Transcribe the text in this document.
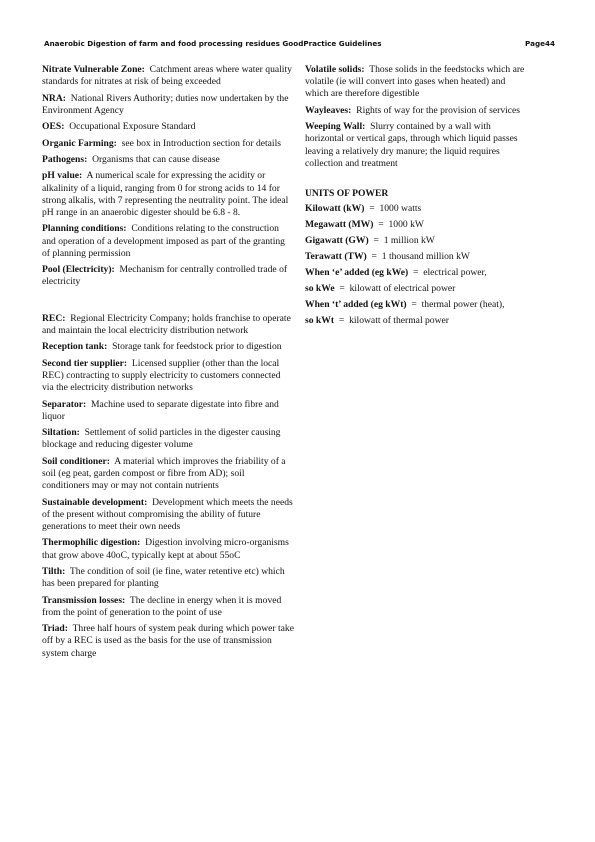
Anaerobic Digestion of farm and food processing residues GoodPractice Guidelines	Page44

Nitrate Vulnerable Zone: Catchment areas where water quality standards for nitrates at risk of being exceeded

NRA: National Rivers Authority; duties now undertaken by the Environment Agency

OES: Occupational Exposure Standard

Organic Farming: see box in Introduction section for details

Pathogens: Organisms that can cause disease

pH value: A numerical scale for expressing the acidity or alkalinity of a liquid, ranging from 0 for strong acids to 14 for strong alkalis, with 7 representing the neutrality point. The ideal pH range in an anaerobic digester should be 6.8 - 8.

Planning conditions: Conditions relating to the construction and operation of a development imposed as part of the granting of planning permission

Pool (Electricity): Mechanism for centrally controlled trade of electricity

REC: Regional Electricity Company; holds franchise to operate and maintain the local electricity distribution network

Reception tank: Storage tank for feedstock prior to digestion

Second tier supplier: Licensed supplier (other than the local REC) contracting to supply electricity to customers connected via the electricity distribution networks

Separator: Machine used to separate digestate into fibre and liquor

Siltation: Settlement of solid particles in the digester causing blockage and reducing digester volume

Soil conditioner: A material which improves the friability of a soil (eg peat, garden compost or fibre from AD); soil conditioners may or may not contain nutrients

Sustainable development: Development which meets the needs of the present without compromising the ability of future generations to meet their own needs

Thermophilic digestion: Digestion involving micro-organisms that grow above 40oC, typically kept at about 55oC

Tilth: The condition of soil (ie fine, water retentive etc) which has been prepared for planting

Transmission losses: The decline in energy when it is moved from the point of generation to the point of use

Triad: Three half hours of system peak during which power take off by a REC is used as the basis for the use of transmission system charge

Volatile solids: Those solids in the feedstocks which are volatile (ie will convert into gases when heated) and which are therefore digestible

Wayleaves: Rights of way for the provision of services

Weeping Wall: Slurry contained by a wall with horizontal or vertical gaps, through which liquid passes leaving a relatively dry manure; the liquid requires collection and treatment

UNITS OF POWER

Kilowatt (kW) = 1000 watts

Megawatt (MW) = 1000 kW

Gigawatt (GW) = 1 million kW

Terawatt (TW) = 1 thousand million kW

When ‘e’ added (eg kWe) = electrical power,

so kWe = kilowatt of electrical power

When ‘t’ added (eg kWt) = thermal power (heat),

so kWt = kilowatt of thermal power
